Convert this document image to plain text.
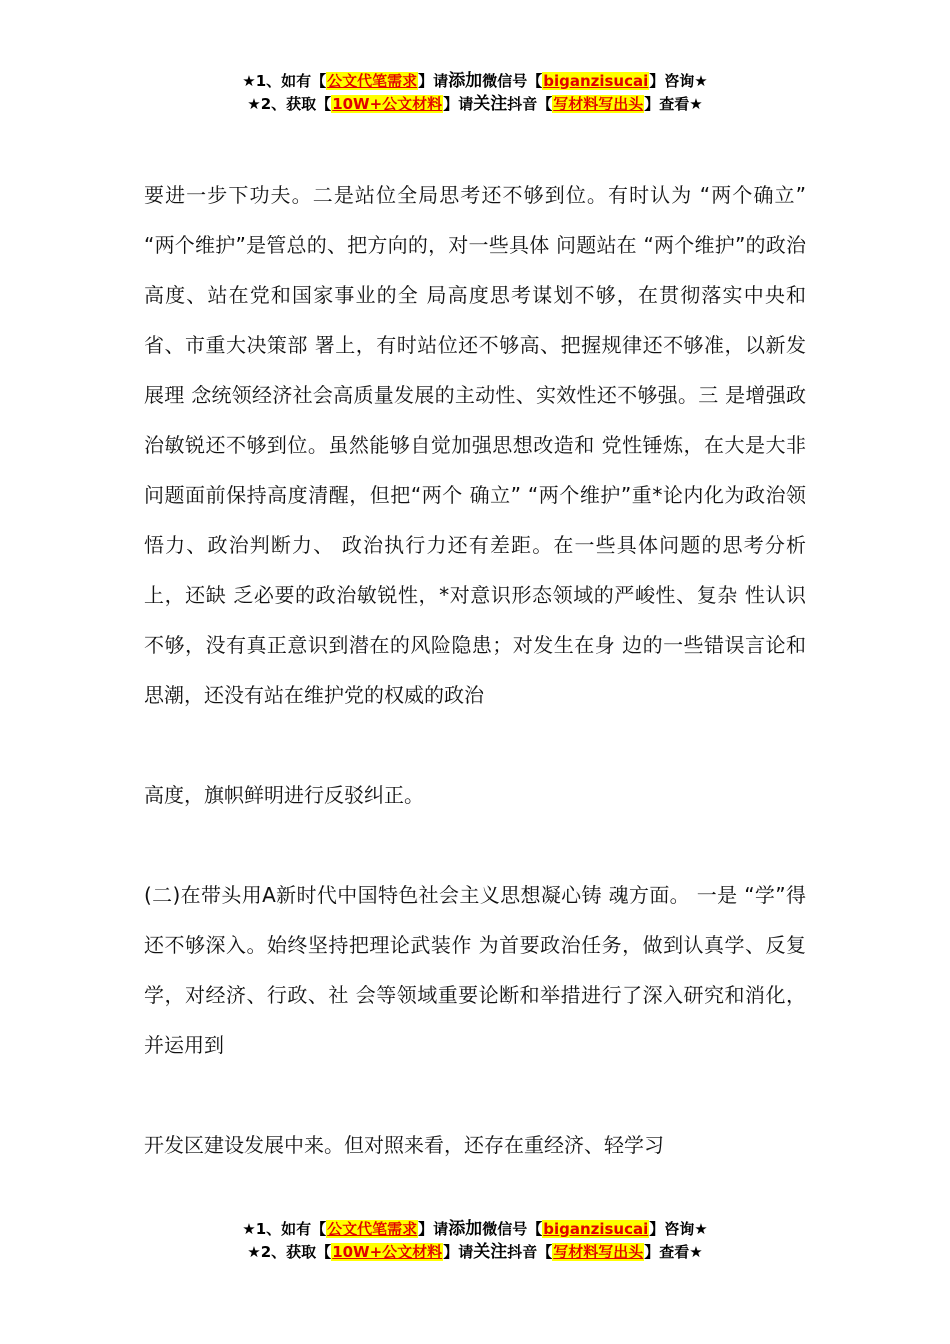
★1、如有【公文代笔需求】请添加微信号【biganzisucai】咨询★
★2、获取【10W+公文材料】请关注抖音【写材料写出头】查看★

要进一步下功夫。二是站位全局思考还不够到位。有时认为 “两个确立” “两个维护”是管总的、把方向的，对一些具体 问题站在 “两个维护”的政治高度、站在党和国家事业的全 局高度思考谋划不够，在贯彻落实中央和省、市重大决策部 署上，有时站位还不够高、把握规律还不够准，以新发展理 念统领经济社会高质量发展的主动性、实效性还不够强。三 是增强政治敏锐还不够到位。虽然能够自觉加强思想改造和 党性锤炼，在大是大非问题面前保持高度清醒，但把“两个 确立” “两个维护”重*论内化为政治领悟力、政治判断力、 政治执行力还有差距。在一些具体问题的思考分析上，还缺 乏必要的政治敏锐性，*对意识形态领域的严峻性、复杂 性认识不够，没有真正意识到潜在的风险隐患；对发生在身 边的一些错误言论和思潮，还没有站在维护党的权威的政治

高度，旗帜鲜明进行反驳纠正。

(二)在带头用A新时代中国特色社会主义思想凝心铸 魂方面。 一是 “学”得还不够深入。始终坚持把理论武装作 为首要政治任务，做到认真学、反复学，对经济、行政、社 会等领域重要论断和举措进行了深入研究和消化，并运用到

开发区建设发展中来。但对照来看，还存在重经济、轻学习

★1、如有【公文代笔需求】请添加微信号【biganzisucai】咨询★
★2、获取【10W+公文材料】请关注抖音【写材料写出头】查看★
